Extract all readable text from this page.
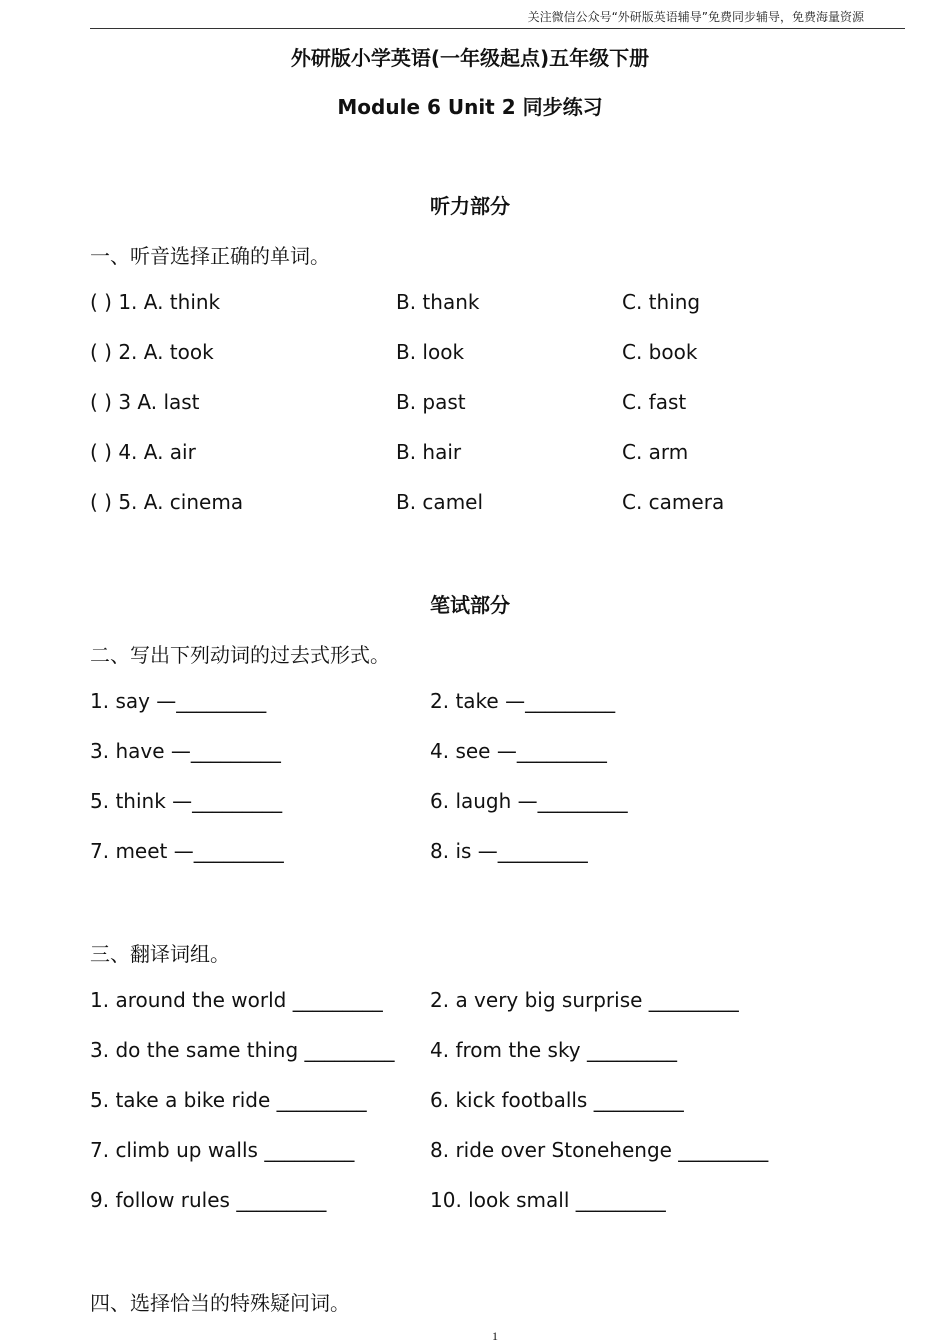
关注微信公众号“外研版英语辅导”免费同步辅导，免费海量资源
外研版小学英语(一年级起点)五年级下册
Module 6 Unit 2 同步练习
听力部分
一、听音选择正确的单词。
( ) 1. A. think	B. thank	C. thing
( ) 2. A. took	B. look	C. book
( ) 3 A. last	B. past	C. fast
( ) 4. A. air	B. hair	C. arm
( ) 5. A. cinema	B. camel	C. camera
笔试部分
二、写出下列动词的过去式形式。
1. say —_________	2. take —_________
3. have —_________	4. see —_________
5. think —_________	6. laugh —_________
7. meet —_________	8. is —_________
三、翻译词组。
1. around the world _________ 2. a very big surprise _________
3. do the same thing _________ 4. from the sky _________
5. take a bike ride _________	6. kick footballs _________
7. climb up walls _________	8. ride over Stonehenge _________
9. follow rules _________	10. look small _________
四、选择恰当的特殊疑问词。
1
